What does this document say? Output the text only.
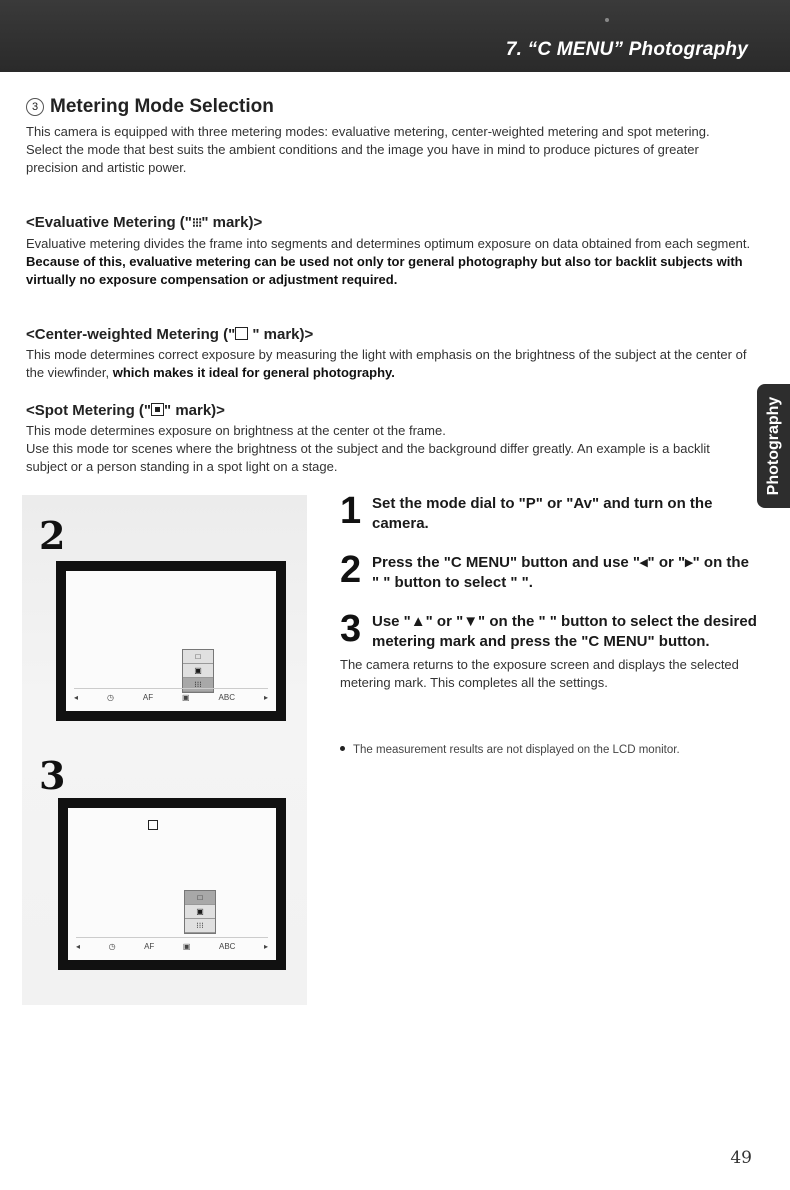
7. “C MENU” Photography
3 Metering Mode Selection
This camera is equipped with three metering modes: evaluative metering, center-weighted metering and spot metering.
Select the mode that best suits the ambient conditions and the image you have in mind to produce pictures of greater precision and artistic power.
<Evaluative Metering ("⁝⁝⁝" mark)>
Evaluative metering divides the frame into segments and determines optimum exposure on data obtained from each segment. Because of this, evaluative metering can be used not only tor general photography but also tor backlit subjects with virtually no exposure compensation or adjustment required.
<Center-weighted Metering (" " mark)>
This mode determines correct exposure by measuring the light with emphasis on the brightness of the subject at the center of the viewfinder, which makes it ideal for general photography.
<Spot Metering (" " mark)>
This mode determines exposure on brightness at the center ot the frame.
Use this mode tor scenes where the brightness ot the subject and the background differ greatly. An example is a backlit subject or a person standing in a spot light on a stage.	Photography
2
□
▣
⁝⁝⁝
◂	◷	AF	▣	ABC	▸
3
□
▣
⁝⁝⁝
◂	◷	AF	▣	ABC	▸
1 Set the mode dial to "P" or "Av" and turn on the camera.
2 Press the "C MENU" button and use "◂" or "▸" on the " " button to select " ".
3 Use "▲" or "▼" on the " " button to select the desired metering mark and press the "C MENU" button.
The camera returns to the exposure screen and displays the selected metering mark. This completes all the settings.
The measurement results are not displayed on the LCD monitor.
49
